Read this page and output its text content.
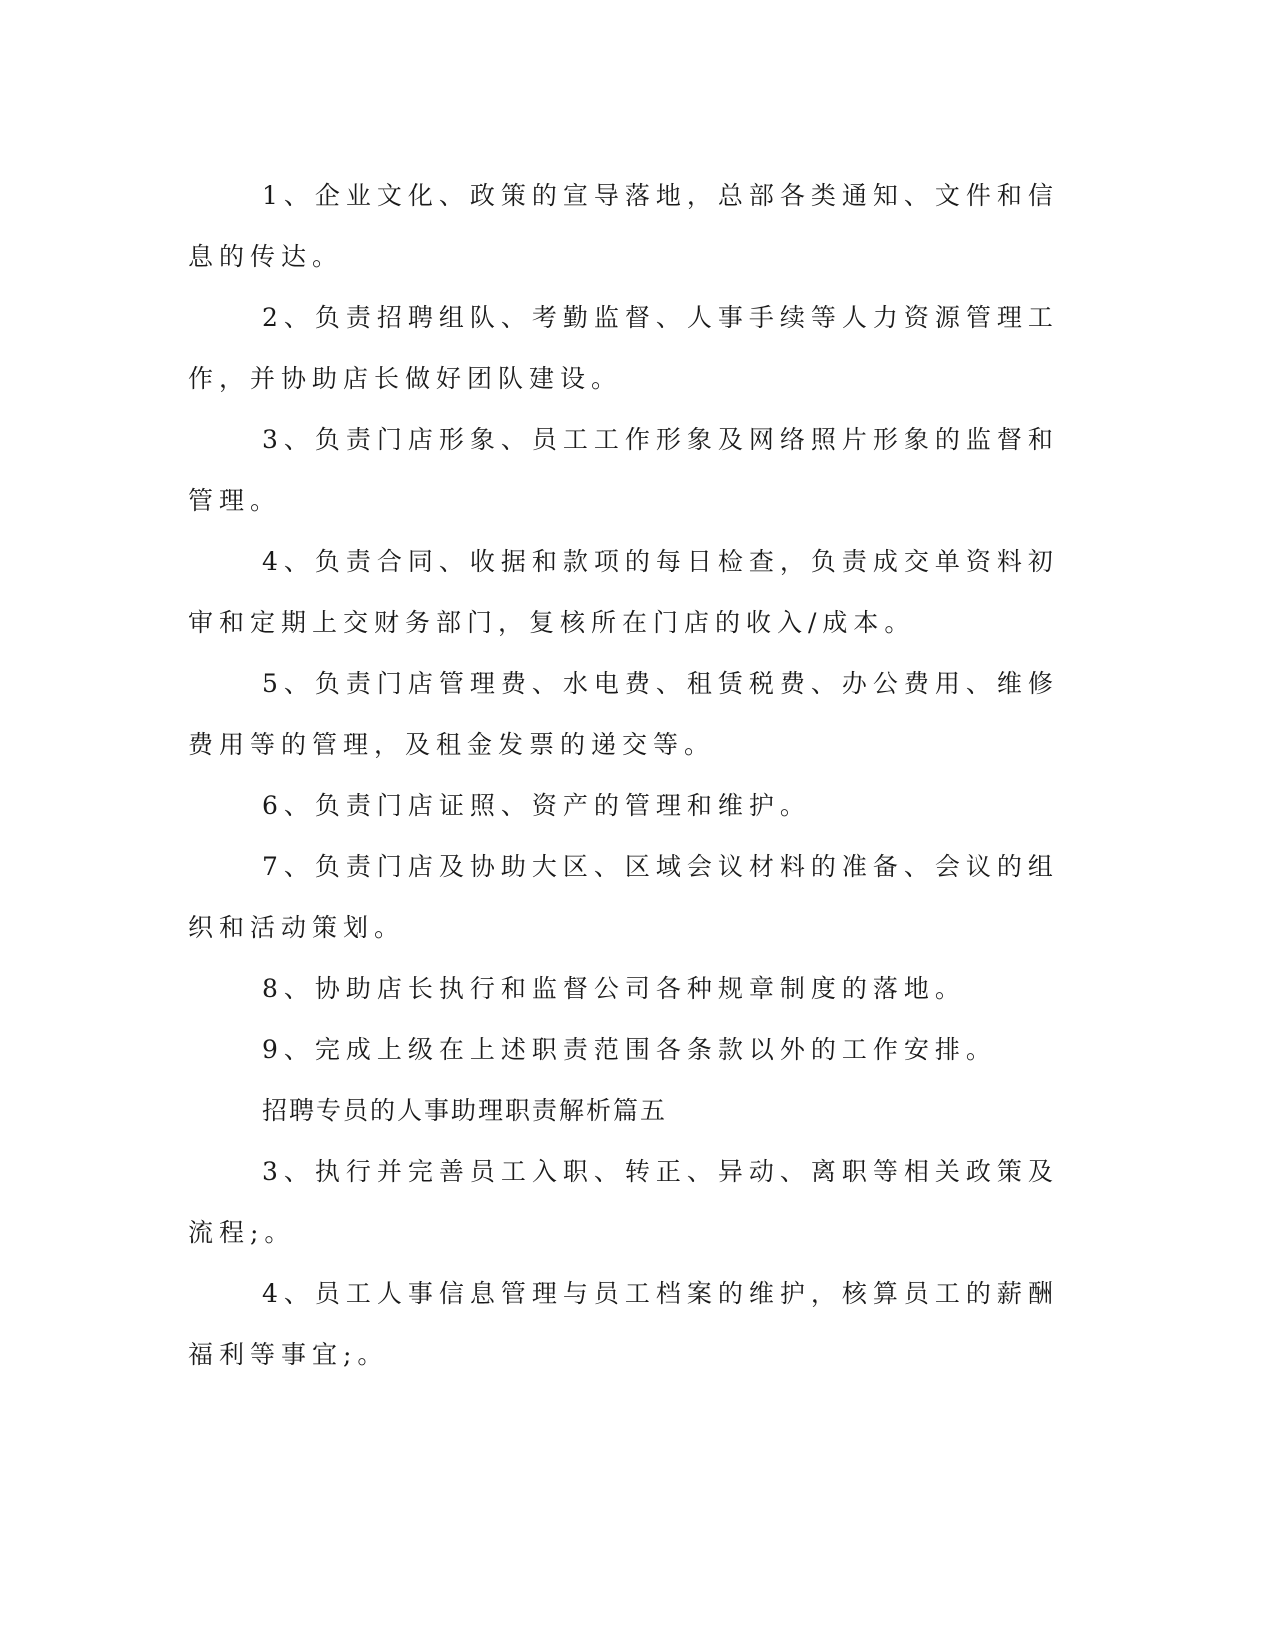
1、企业文化、政策的宣导落地，总部各类通知、文件和信息的传达。

2、负责招聘组队、考勤监督、人事手续等人力资源管理工作，并协助店长做好团队建设。

3、负责门店形象、员工工作形象及网络照片形象的监督和管理。

4、负责合同、收据和款项的每日检查，负责成交单资料初审和定期上交财务部门，复核所在门店的收入/成本。

5、负责门店管理费、水电费、租赁税费、办公费用、维修费用等的管理，及租金发票的递交等。

6、负责门店证照、资产的管理和维护。

7、负责门店及协助大区、区域会议材料的准备、会议的组织和活动策划。

8、协助店长执行和监督公司各种规章制度的落地。

9、完成上级在上述职责范围各条款以外的工作安排。

招聘专员的人事助理职责解析篇五

3、执行并完善员工入职、转正、异动、离职等相关政策及流程;。

4、员工人事信息管理与员工档案的维护，核算员工的薪酬福利等事宜;。
